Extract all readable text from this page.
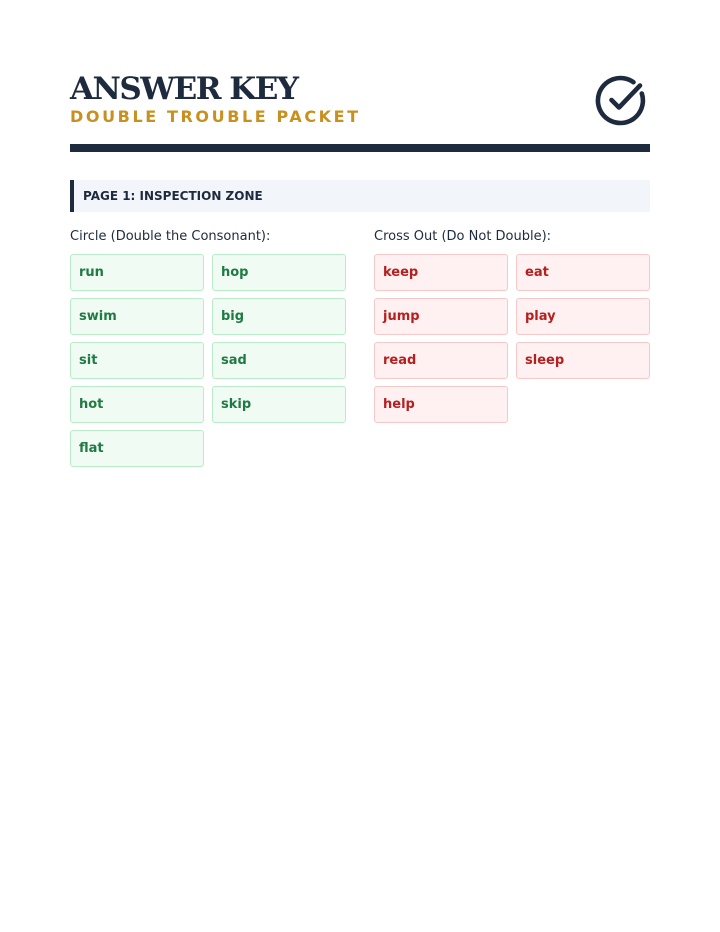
ANSWER KEY
DOUBLE TROUBLE PACKET
PAGE 1: INSPECTION ZONE
Circle (Double the Consonant):	Cross Out (Do Not Double):
run	hop
swim	big
sit	sad
hot	skip
flat
keep	eat
jump	play
read	sleep
help
